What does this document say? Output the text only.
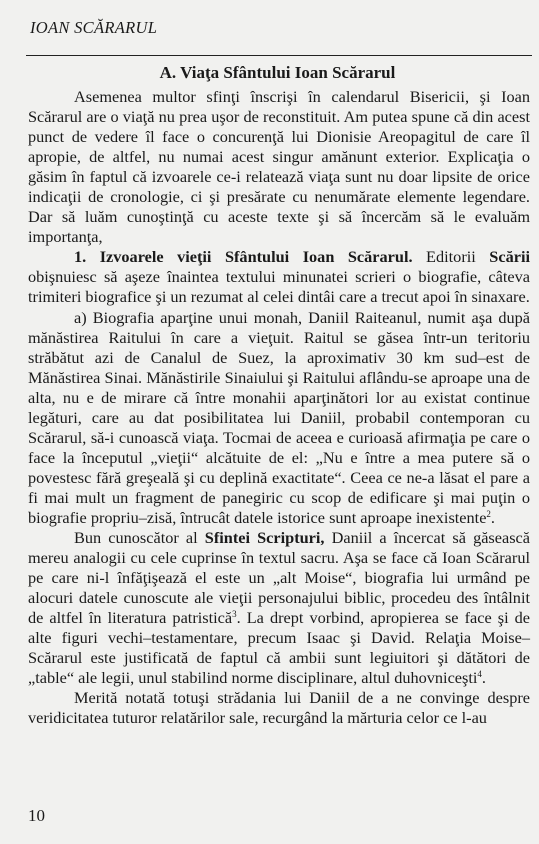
IOAN SCĂRARUL
A. Viaţa Sfântului Ioan Scărarul

Asemenea multor sfinţi înscrişi în calendarul Bisericii, şi Ioan Scărarul are o viaţă nu prea uşor de reconstituit. Am putea spune că din acest punct de vedere îl face o concurenţă lui Dionisie Areopagitul de care îl apropie, de altfel, nu numai acest singur amănunt exterior. Explicaţia o găsim în faptul că izvoarele ce-i relatează viaţa sunt nu doar lipsite de orice indicaţii de cronologie, ci şi presărate cu nenumărate elemente legendare. Dar să luăm cunoştinţă cu aceste texte şi să încercăm să le evaluăm importanţa,

1. Izvoarele vieţii Sfântului Ioan Scărarul. Editorii Scării obişnuiesc să aşeze înaintea textului minunatei scrieri o biografie, câteva trimiteri biografice şi un rezumat al celei dintâi care a trecut apoi în sinaxare.

a) Biografia aparţine unui monah, Daniil Raiteanul, numit aşa după mănăstirea Raitului în care a vieţuit. Raitul se găsea într-un teritoriu străbătut azi de Canalul de Suez, la aproximativ 30 km sud–est de Mănăstirea Sinai. Mănăstirile Sinaiului şi Raitului aflându-se aproape una de alta, nu e de mirare că între monahii aparţinători lor au existat continue legături, care au dat posibilitatea lui Daniil, probabil contemporan cu Scărarul, să-i cunoască viaţa. Tocmai de aceea e curioasă afirmaţia pe care o face la începutul „vieţii“ alcătuite de el: „Nu e între a mea putere să o povestesc fără greşeală şi cu deplină exactitate“. Ceea ce ne-a lăsat el pare a fi mai mult un fragment de panegiric cu scop de edificare şi mai puţin o biografie propriu–zisă, întrucât datele istorice sunt aproape inexistente$^2$.

Bun cunoscător al Sfintei Scripturi, Daniil a încercat să găsească mereu analogii cu cele cuprinse în textul sacru. Aşa se face că Ioan Scărarul pe care ni-l înfăţişează el este un „alt Moise“, biografia lui urmând pe alocuri datele cunoscute ale vieţii personajului biblic, procedeu des întâlnit de altfel în literatura patristică$^3$. La drept vorbind, apropierea se face şi de alte figuri vechi–testamentare, precum Isaac şi David. Relaţia Moise–Scărarul este justificată de faptul că ambii sunt legiuitori şi dătători de „table“ ale legii, unul stabilind norme disciplinare, altul duhovniceşti$^4$.

Merită notată totuşi strădania lui Daniil de a ne convinge despre veridicitatea tuturor relatărilor sale, recurgând la mărturia celor ce l-au

10
